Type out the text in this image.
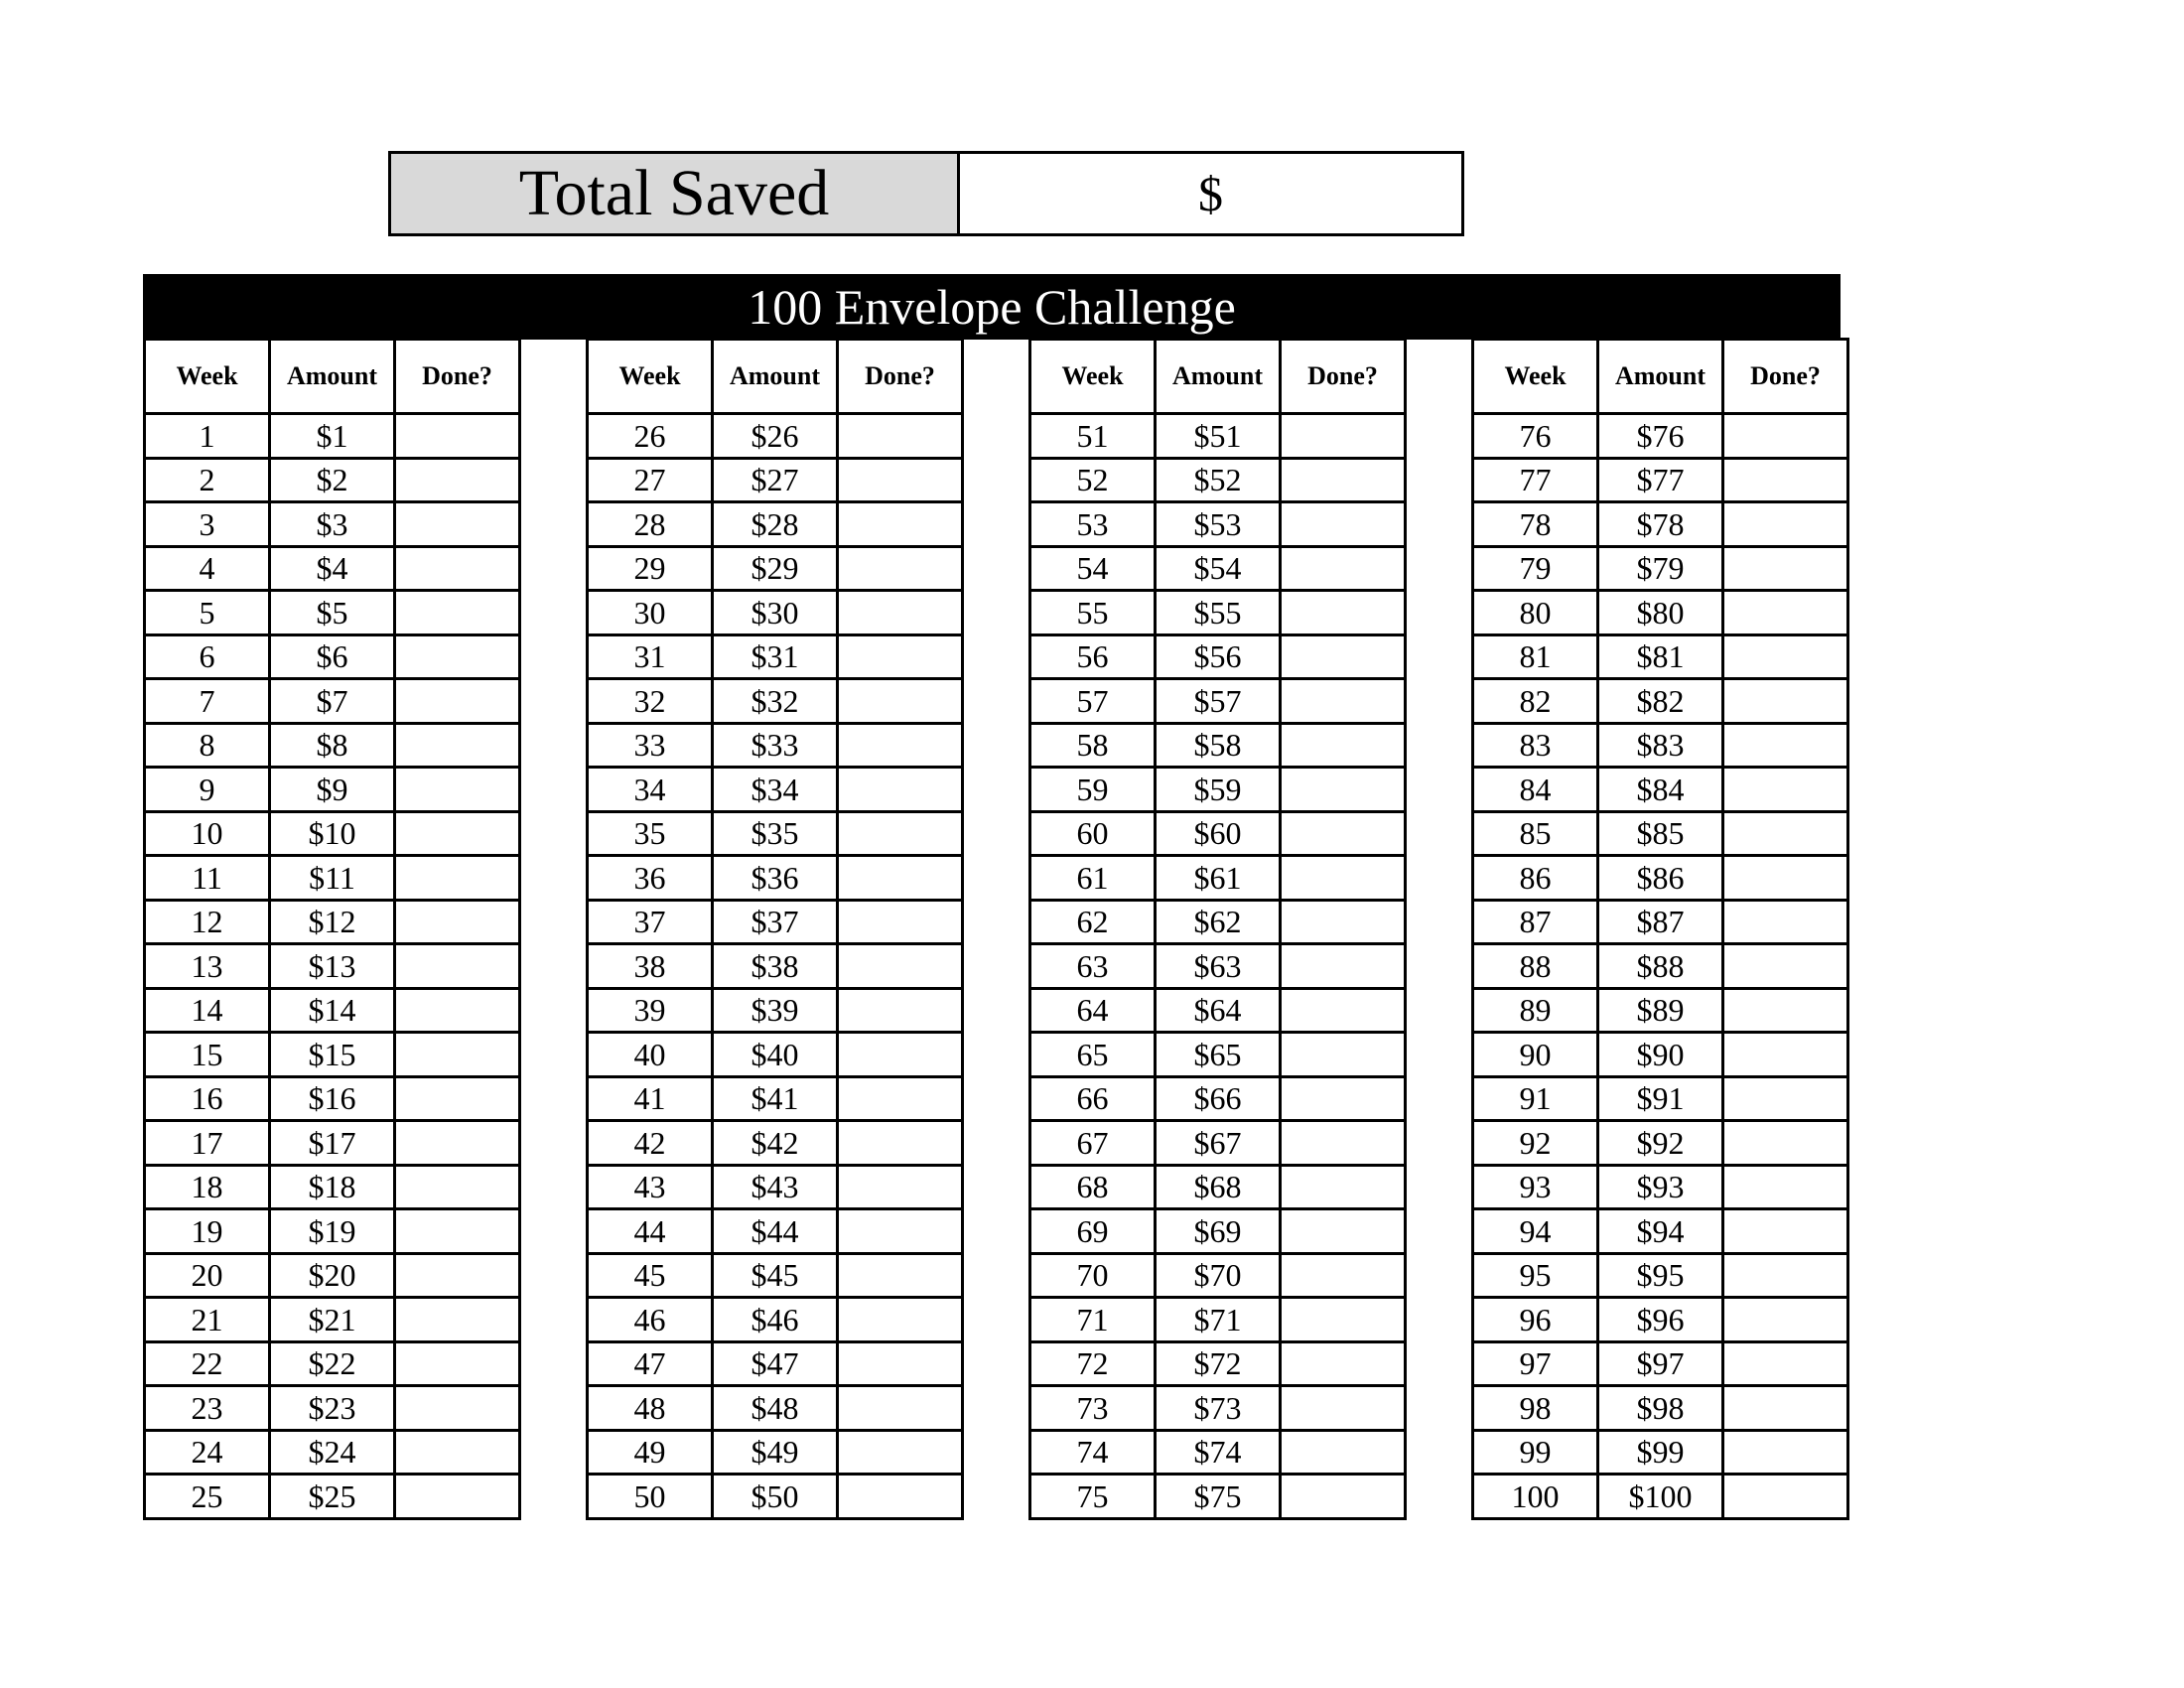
Total Saved	$
100 Envelope Challenge
Week	Amount	Done?
1	$1	
2	$2	
3	$3	
4	$4	
5	$5	
6	$6	
7	$7	
8	$8	
9	$9	
10	$10	
11	$11	
12	$12	
13	$13	
14	$14	
15	$15	
16	$16	
17	$17	
18	$18	
19	$19	
20	$20	
21	$21	
22	$22	
23	$23	
24	$24	
25	$25	
Week	Amount	Done?
26	$26	
27	$27	
28	$28	
29	$29	
30	$30	
31	$31	
32	$32	
33	$33	
34	$34	
35	$35	
36	$36	
37	$37	
38	$38	
39	$39	
40	$40	
41	$41	
42	$42	
43	$43	
44	$44	
45	$45	
46	$46	
47	$47	
48	$48	
49	$49	
50	$50	
Week	Amount	Done?
51	$51	
52	$52	
53	$53	
54	$54	
55	$55	
56	$56	
57	$57	
58	$58	
59	$59	
60	$60	
61	$61	
62	$62	
63	$63	
64	$64	
65	$65	
66	$66	
67	$67	
68	$68	
69	$69	
70	$70	
71	$71	
72	$72	
73	$73	
74	$74	
75	$75	
Week	Amount	Done?
76	$76	
77	$77	
78	$78	
79	$79	
80	$80	
81	$81	
82	$82	
83	$83	
84	$84	
85	$85	
86	$86	
87	$87	
88	$88	
89	$89	
90	$90	
91	$91	
92	$92	
93	$93	
94	$94	
95	$95	
96	$96	
97	$97	
98	$98	
99	$99	
100	$100	
